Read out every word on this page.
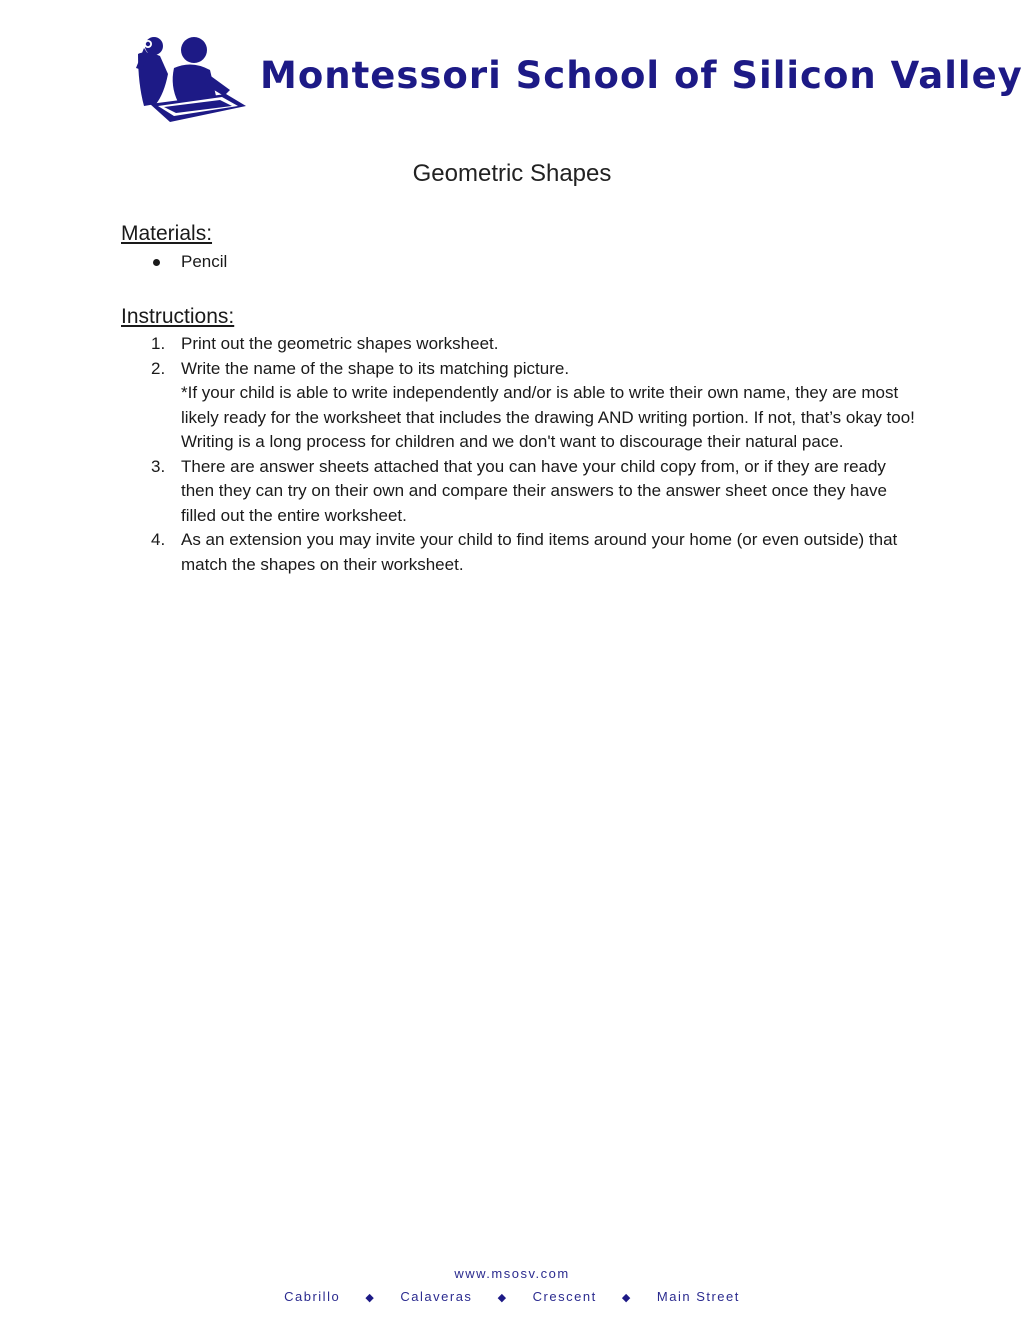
Montessori School of Silicon Valley
Geometric Shapes
Materials:
Pencil
Instructions:
1. Print out the geometric shapes worksheet.
2. Write the name of the shape to its matching picture.
*If your child is able to write independently and/or is able to write their own name, they are most likely ready for the worksheet that includes the drawing AND writing portion. If not, that’s okay too! Writing is a long process for children and we don't want to discourage their natural pace.
3. There are answer sheets attached that you can have your child copy from, or if they are ready then they can try on their own and compare their answers to the answer sheet once they have filled out the entire worksheet.
4. As an extension you may invite your child to find items around your home (or even outside) that match the shapes on their worksheet.
www.msosv.com
Cabrillo ◆ Calaveras ◆ Crescent ◆ Main Street
